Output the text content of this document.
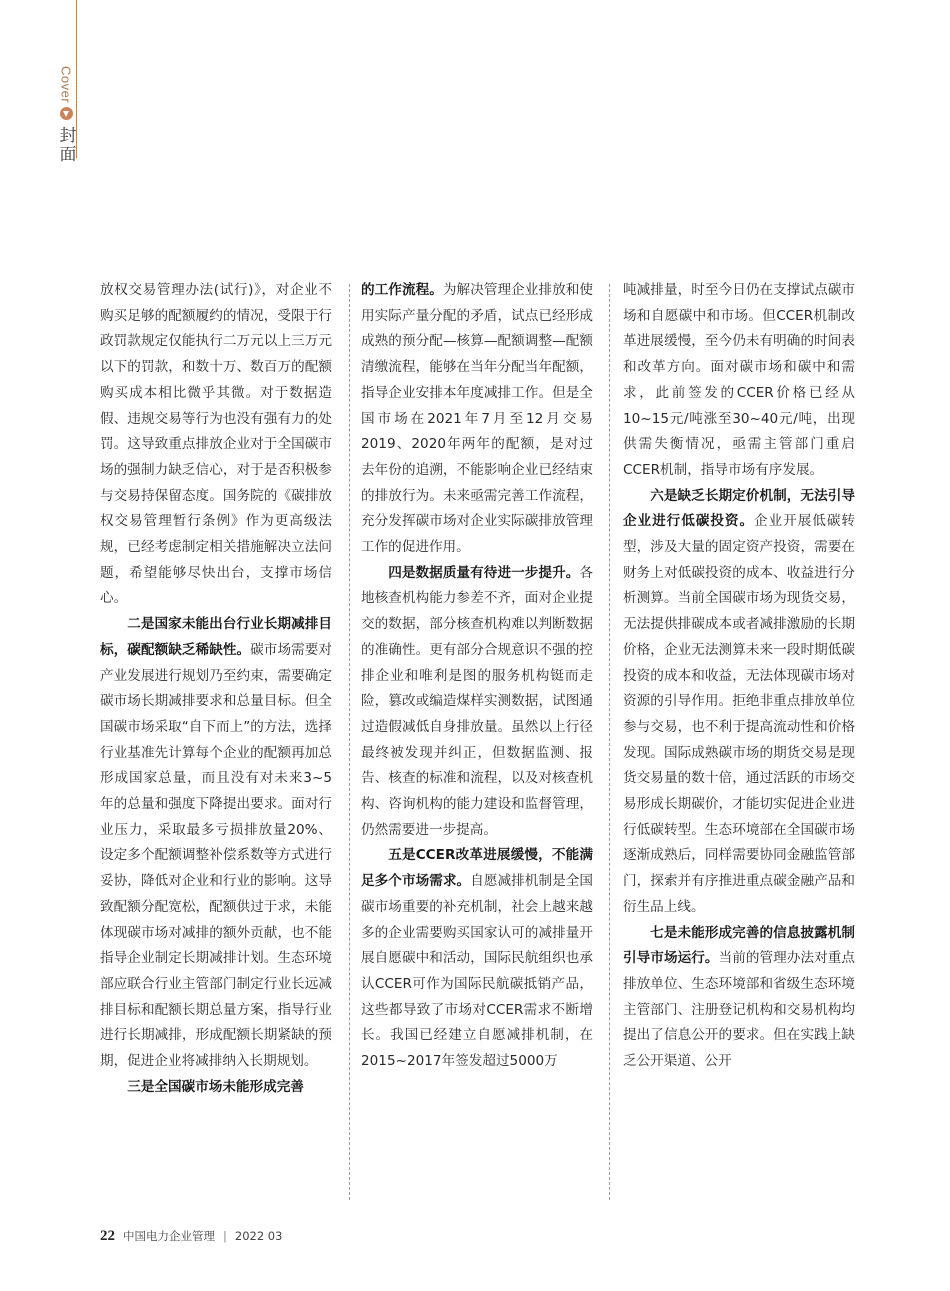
Cover
封面

放权交易管理办法(试行)》，对企业不购买足够的配额履约的情况，受限于行政罚款规定仅能执行二万元以上三万元以下的罚款，和数十万、数百万的配额购买成本相比微乎其微。对于数据造假、违规交易等行为也没有强有力的处罚。这导致重点排放企业对于全国碳市场的强制力缺乏信心，对于是否积极参与交易持保留态度。国务院的《碳排放权交易管理暂行条例》作为更高级法规，已经考虑制定相关措施解决立法问题，希望能够尽快出台，支撑市场信心。

二是国家未能出台行业长期减排目标，碳配额缺乏稀缺性。碳市场需要对产业发展进行规划乃至约束，需要确定碳市场长期减排要求和总量目标。但全国碳市场采取“自下而上”的方法，选择行业基准先计算每个企业的配额再加总形成国家总量，而且没有对未来3~5年的总量和强度下降提出要求。面对行业压力，采取最多亏损排放量20%、设定多个配额调整补偿系数等方式进行妥协，降低对企业和行业的影响。这导致配额分配宽松，配额供过于求，未能体现碳市场对减排的额外贡献，也不能指导企业制定长期减排计划。生态环境部应联合行业主管部门制定行业长远减排目标和配额长期总量方案，指导行业进行长期减排，形成配额长期紧缺的预期，促进企业将减排纳入长期规划。

三是全国碳市场未能形成完善

的工作流程。为解决管理企业排放和使用实际产量分配的矛盾，试点已经形成成熟的预分配—核算—配额调整—配额清缴流程，能够在当年分配当年配额，指导企业安排本年度减排工作。但是全国市场在2021年7月至12月交易2019、2020年两年的配额，是对过去年份的追溯，不能影响企业已经结束的排放行为。未来亟需完善工作流程，充分发挥碳市场对企业实际碳排放管理工作的促进作用。

四是数据质量有待进一步提升。各地核查机构能力参差不齐，面对企业提交的数据，部分核查机构难以判断数据的准确性。更有部分合规意识不强的控排企业和唯利是图的服务机构铤而走险，篡改或编造煤样实测数据，试图通过造假减低自身排放量。虽然以上行径最终被发现并纠正，但数据监测、报告、核查的标准和流程，以及对核查机构、咨询机构的能力建设和监督管理，仍然需要进一步提高。

五是CCER改革进展缓慢，不能满足多个市场需求。自愿减排机制是全国碳市场重要的补充机制，社会上越来越多的企业需要购买国家认可的减排量开展自愿碳中和活动，国际民航组织也承认CCER可作为国际民航碳抵销产品，这些都导致了市场对CCER需求不断增长。我国已经建立自愿减排机制，在2015~2017年签发超过5000万

吨减排量，时至今日仍在支撑试点碳市场和自愿碳中和市场。但CCER机制改革进展缓慢，至今仍未有明确的时间表和改革方向。面对碳市场和碳中和需求，此前签发的CCER价格已经从10~15元/吨涨至30~40元/吨，出现供需失衡情况，亟需主管部门重启CCER机制，指导市场有序发展。

六是缺乏长期定价机制，无法引导企业进行低碳投资。企业开展低碳转型，涉及大量的固定资产投资，需要在财务上对低碳投资的成本、收益进行分析测算。当前全国碳市场为现货交易，无法提供排碳成本或者减排激励的长期价格，企业无法测算未来一段时期低碳投资的成本和收益，无法体现碳市场对资源的引导作用。拒绝非重点排放单位参与交易，也不利于提高流动性和价格发现。国际成熟碳市场的期货交易是现货交易量的数十倍，通过活跃的市场交易形成长期碳价，才能切实促进企业进行低碳转型。生态环境部在全国碳市场逐渐成熟后，同样需要协同金融监管部门，探索并有序推进重点碳金融产品和衍生品上线。

七是未能形成完善的信息披露机制引导市场运行。当前的管理办法对重点排放单位、生态环境部和省级生态环境主管部门、注册登记机构和交易机构均提出了信息公开的要求。但在实践上缺乏公开渠道、公开

22 中国电力企业管理 | 2022 03
